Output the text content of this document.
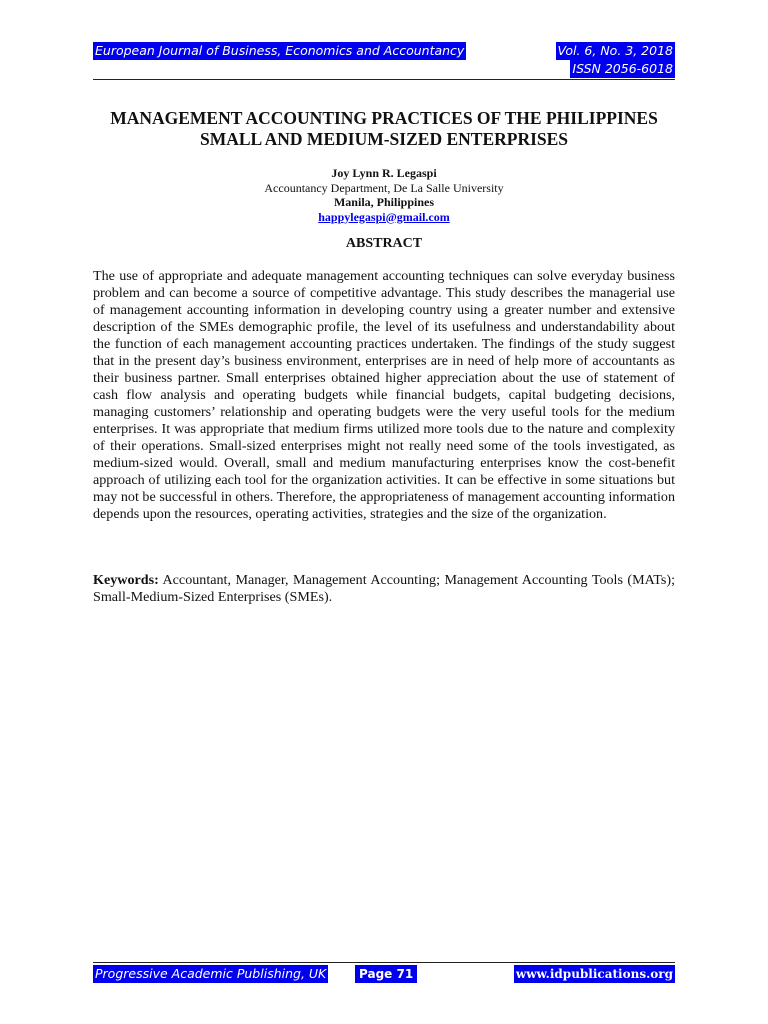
European Journal of Business, Economics and Accountancy	Vol. 6, No. 3, 2018
ISSN 2056-6018
MANAGEMENT ACCOUNTING PRACTICES OF THE PHILIPPINES
SMALL AND MEDIUM-SIZED ENTERPRISES
Joy Lynn R. Legaspi
Accountancy Department, De La Salle University
Manila, Philippines
happylegaspi@gmail.com
ABSTRACT

The use of appropriate and adequate management accounting techniques can solve everyday business problem and can become a source of competitive advantage. This study describes the managerial use of management accounting information in developing country using a greater number and extensive description of the SMEs demographic profile, the level of its usefulness and understandability about the function of each management accounting practices undertaken. The findings of the study suggest that in the present day’s business environment, enterprises are in need of help more of accountants as their business partner. Small enterprises obtained higher appreciation about the use of statement of cash flow analysis and operating budgets while financial budgets, capital budgeting decisions, managing customers’ relationship and operating budgets were the very useful tools for the medium enterprises. It was appropriate that medium firms utilized more tools due to the nature and complexity of their operations. Small-sized enterprises might not really need some of the tools investigated, as medium-sized would. Overall, small and medium manufacturing enterprises know the cost-benefit approach of utilizing each tool for the organization activities. It can be effective in some situations but may not be successful in others. Therefore, the appropriateness of management accounting information depends upon the resources, operating activities, strategies and the size of the organization.

Keywords: Accountant, Manager, Management Accounting; Management Accounting Tools (MATs); Small-Medium-Sized Enterprises (SMEs).

Progressive Academic Publishing, UK	Page 71	www.idpublications.org
